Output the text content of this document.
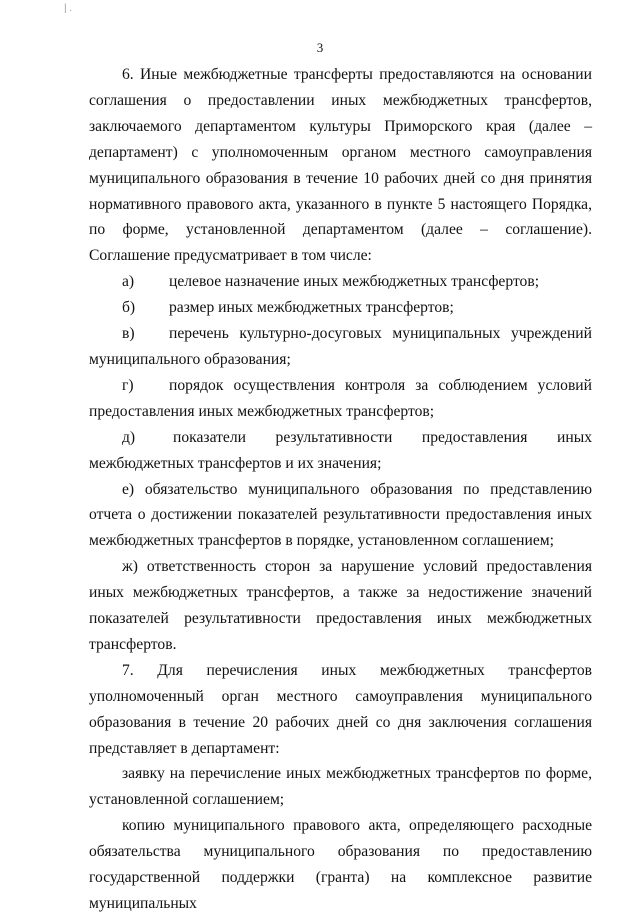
| .
3

6. Иные межбюджетные трансферты предоставляются на основании соглашения о предоставлении иных межбюджетных трансфертов, заключаемого департаментом культуры Приморского края (далее – департамент) с уполномоченным органом местного самоуправления муниципального образования в течение 10 рабочих дней со дня принятия нормативного правового акта, указанного в пункте 5 настоящего Порядка, по форме, установленной департаментом (далее – соглашение). Соглашение предусматривает в том числе:

а) целевое назначение иных межбюджетных трансфертов;

б) размер иных межбюджетных трансфертов;

в) перечень культурно-досуговых муниципальных учреждений муниципального образования;

г) порядок осуществления контроля за соблюдением условий предоставления иных межбюджетных трансфертов;

д) показатели результативности предоставления иных межбюджетных трансфертов и их значения;

е) обязательство муниципального образования по представлению отчета о достижении показателей результативности предоставления иных межбюджетных трансфертов в порядке, установленном соглашением;

ж) ответственность сторон за нарушение условий предоставления иных межбюджетных трансфертов, а также за недостижение значений показателей результативности предоставления иных межбюджетных трансфертов.

7. Для перечисления иных межбюджетных трансфертов уполномоченный орган местного самоуправления муниципального образования в течение 20 рабочих дней со дня заключения соглашения представляет в департамент:

заявку на перечисление иных межбюджетных трансфертов по форме, установленной соглашением;

копию муниципального правового акта, определяющего расходные обязательства муниципального образования по предоставлению государственной поддержки (гранта) на комплексное развитие муниципальных
